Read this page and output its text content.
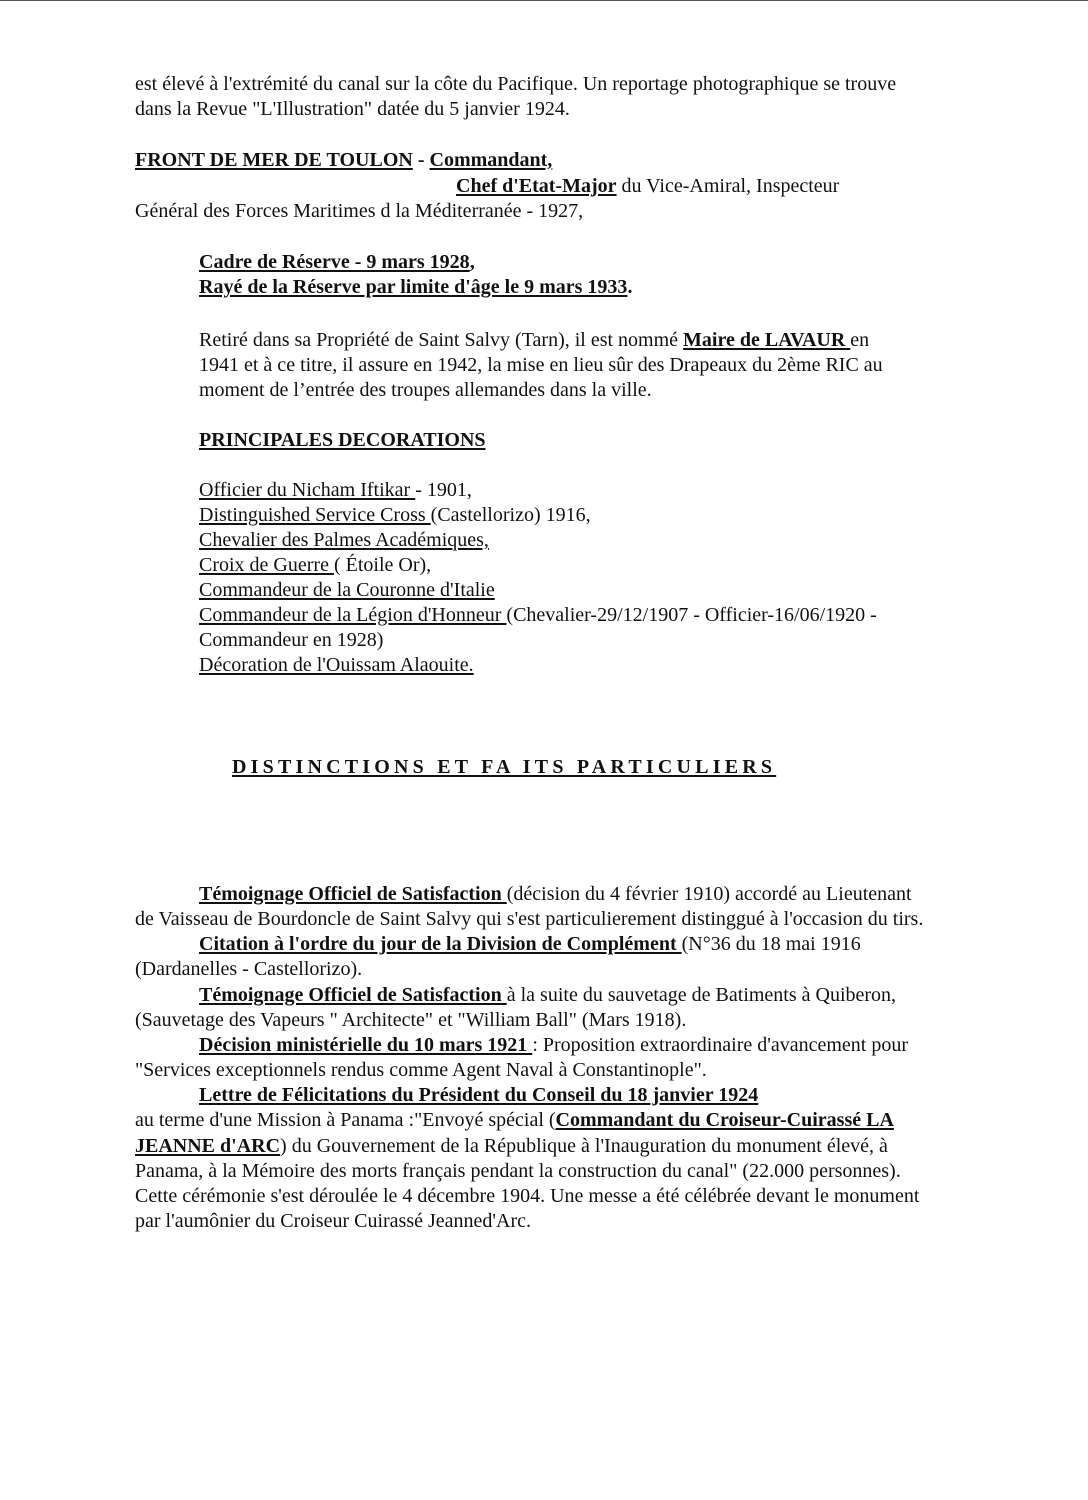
est élevé à l'extrémité du canal sur la côte du Pacifique. Un reportage photographique se trouve

dans la Revue "L'Illustration" datée du 5 janvier 1924.

FRONT DE MER DE TOULON - Commandant,

Chef d'Etat-Major du Vice-Amiral, Inspecteur

Général des Forces Maritimes d la Méditerranée - 1927,

Cadre de Réserve - 9 mars 1928,

Rayé de la Réserve par limite d'âge le 9 mars 1933.

Retiré dans sa Propriété de Saint Salvy (Tarn), il est nommé Maire de LAVAUR en

1941 et à ce titre, il assure en 1942, la mise en lieu sûr des Drapeaux du 2ème RIC au

moment de l’entrée des troupes allemandes dans la ville.

PRINCIPALES DECORATIONS

Officier du Nicham Iftikar - 1901,

Distinguished Service Cross (Castellorizo) 1916,

Chevalier des Palmes Académiques,

Croix de Guerre ( Étoile Or),

Commandeur de la Couronne d'Italie

Commandeur de la Légion d'Honneur (Chevalier-29/12/1907 - Officier-16/06/1920 -

Commandeur en 1928)

Décoration de l'Ouissam Alaouite.

DISTINCTIONS ET FA ITS PARTICULIERS

Témoignage Officiel de Satisfaction (décision du 4 février 1910) accordé au Lieutenant

de Vaisseau de Bourdoncle de Saint Salvy qui s'est particulierement distinggué à l'occasion du tirs.

Citation à l'ordre du jour de la Division de Complément (N°36 du 18 mai 1916

(Dardanelles - Castellorizo).

Témoignage Officiel de Satisfaction à la suite du sauvetage de Batiments à Quiberon,

(Sauvetage des Vapeurs " Architecte" et "William Ball" (Mars 1918).

Décision ministérielle du 10 mars 1921 : Proposition extraordinaire d'avancement pour

"Services exceptionnels rendus comme Agent Naval à Constantinople".

Lettre de Félicitations du Président du Conseil du 18 janvier 1924

au terme d'une Mission à Panama :"Envoyé spécial (Commandant du Croiseur-Cuirassé LA

JEANNE d'ARC) du Gouvernement de la République à l'Inauguration du monument élevé, à

Panama, à la Mémoire des morts français pendant la construction du canal" (22.000 personnes).

Cette cérémonie s'est déroulée le 4 décembre 1904. Une messe a été célébrée devant le monument

par l'aumônier du Croiseur Cuirassé Jeanned'Arc.
